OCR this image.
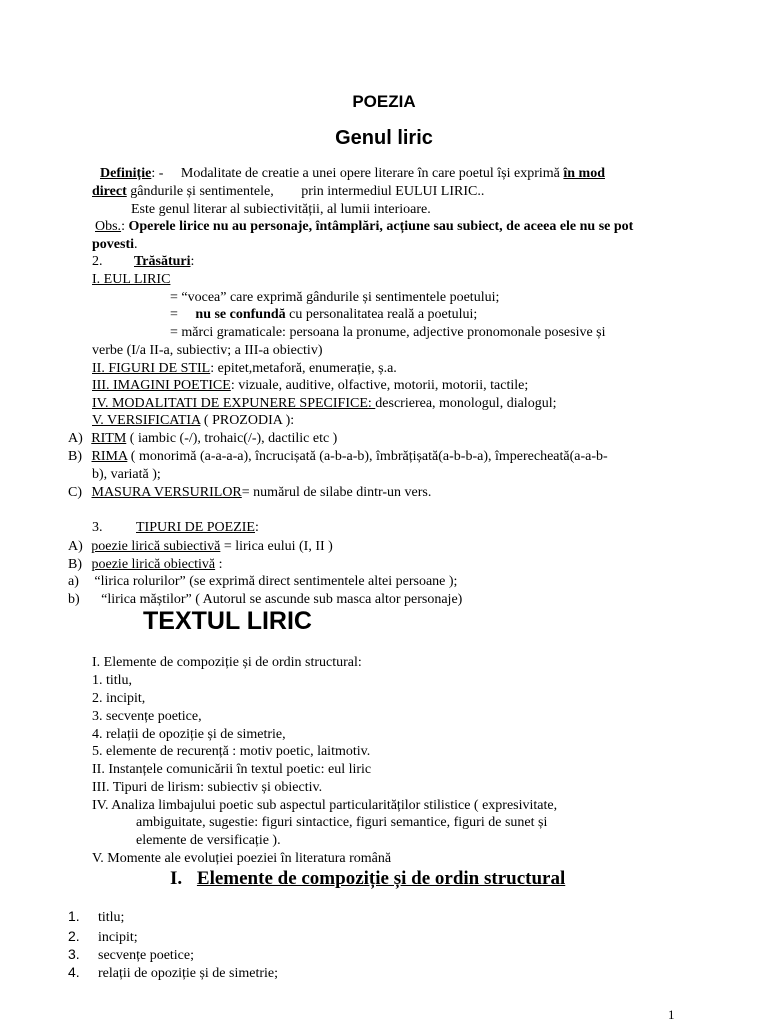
POEZIA
Genul liric
Definiție: - Modalitate de creatie a unei opere literare în care poetul își exprimă în mod
direct gândurile și sentimentele, prin intermediul EULUI LIRIC..
Este genul literar al subiectivității, al lumii interioare.
Obs.: Operele lirice nu au personaje, întâmplări, acțiune sau subiect, de aceea ele nu se pot
povesti.
2. Trăsături:
I. EUL LIRIC
= “vocea” care exprimă gândurile și sentimentele poetului;
= nu se confundă cu personalitatea reală a poetului;
= mărci gramaticale: persoana la pronume, adjective pronomonale posesive și
verbe (I/a II-a, subiectiv; a III-a obiectiv)
II. FIGURI DE STIL: epitet,metaforă, enumerație, ș.a.
III. IMAGINI POETICE: vizuale, auditive, olfactive, motorii, motorii, tactile;
IV. MODALITATI DE EXPUNERE SPECIFICE: descrierea, monologul, dialogul;
V. VERSIFICATIA ( PROZODIA ):
A) RITM ( iambic (-/), trohaic(/-), dactilic etc )
B) RIMA ( monorimă (a-a-a-a), încrucișată (a-b-a-b), îmbrățișată(a-b-b-a), împerecheată(a-a-b-
b), variată );
C) MASURA VERSURILOR= numărul de silabe dintr-un vers.
3. TIPURI DE POEZIE:
A) poezie lirică subiectivă = lirica eului (I, II )
B) poezie lirică obiectivă :
a) “lirica rolurilor” (se exprimă direct sentimentele altei persoane );
b) “lirica măștilor” ( Autorul se ascunde sub masca altor personaje)
TEXTUL LIRIC
I. Elemente de compoziție și de ordin structural:
1. titlu,
2. incipit,
3. secvențe poetice,
4. relații de opoziție și de simetrie,
5. elemente de recurență : motiv poetic, laitmotiv.
II. Instanțele comunicării în textul poetic: eul liric
III. Tipuri de lirism: subiectiv și obiectiv.
IV. Analiza limbajului poetic sub aspectul particularităților stilistice ( expresivitate,
ambiguitate, sugestie: figuri sintactice, figuri semantice, figuri de sunet și
elemente de versificație ).
V. Momente ale evoluției poeziei în literatura română
I. Elemente de compoziție și de ordin structural
1. titlu;
2. incipit;
3. secvențe poetice;
4. relații de opoziție și de simetrie;
1
